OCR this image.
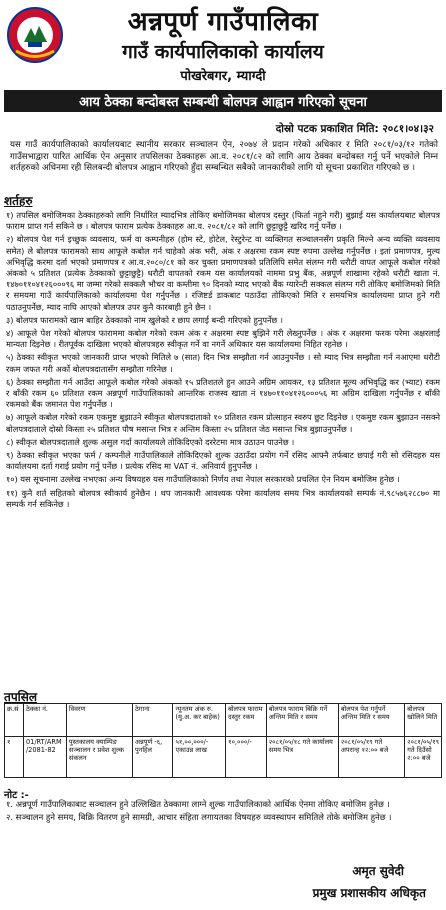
अन्नपूर्ण गाउँपालिका
गाउँ कार्यपालिकाको कार्यालय
पोखरेबगर, म्याग्दी
आय ठेक्का बन्दोबस्त सम्बन्धी बोलपत्र आह्वान गरिएको सूचना
दोस्रो पटक प्रकाशित मिति: २०८१।०४।३२
यस गाउँ कार्यपालिकाको कार्यालयबाट स्थानीय सरकार सञ्चालन ऐन, २०७४ ले प्रदान गरेको अधिकार र मिति २०८१/०३/१२ गतेको गाउँसभाद्वारा पारित आर्थिक ऐन अनुसार तपसिलका ठेक्काहरू आ.व. २०८१/८२ को लागि आय ठेक्का बन्दोबस्त गर्नु पर्ने भएकोले निम्न शर्तहरुको अधिनमा रही सिलबन्दी बोलपत्र आह्वान गरिएको हुँदा सम्बन्धित सबैको जानकारीको लागि यो सूचना प्रकाशित गरिएको छ ।
शर्तहरु

१) तपसिल बमोजिमका ठेक्काहरुको लागि निर्धारित म्यादभित्र तोकिए बमोजिमका बोलपत्र दस्तुर (फिर्ता नहुने गरी) बुझाई यस कार्यालयबाट बोलपत्र फाराम प्राप्त गर्न सकिने छ । बोलपत्र फाराम प्रत्येक ठेक्काहरु आ.व. २०८१/८२ को लागि छुट्टाछुट्टै खरिद गर्नु पर्नेछ ।

२) बोलपत्र पेश गर्न इच्छुक व्यवसाय, फर्म वा कम्पनीहरु (होम स्टे, होटेल, रेस्टुरेन्ट वा व्यक्तिगत सञ्चालनसँग प्रकृति मिल्ने अन्य व्यक्ति व्यवसाय समेत) ले बोलपत्र फारामको साथ आफूले कबोल गर्न चाहेको अंक भरी, अंक र अक्षरमा रकम स्पष्ट रुपमा उल्लेख गर्नुपर्नेछ । इतां प्रमाणपत्र, मुल्य अभिवृद्धि करमा दर्ता भएको प्रमाणपत्र र आ.व.२०८०/८१ को कर चुक्ता प्रमाणपत्रको प्रतिलिपि समेत संलग्न गरी धरौटी वापत आफूले कबोल गरेको अंकको ५ प्रतिशत (प्रत्येक ठेक्काको छुट्टाछुट्टै) धरौटी वापतको रकम यस कार्यालयको नाममा प्रभु बैंक, अन्नपूर्ण शाखामा रहेको धरौटी खाता नं. १४७०११०४१२६०००९६ मा जम्मा गरेको सक्कलै भौचर वा कम्तीमा ९० दिनको म्याद भएको बैंक ग्यारेन्टी सक्कल संलग्न गरी तोकिए बमोजिमको मिति र समयमा गाउँ कार्यपालिकाको कार्यालयमा पेश गर्नुपर्नेछ । रजिष्टर्ड डाकबाट पठाउँदा तोकिएको मिति र समयभित्र कार्यालयमा प्राप्त हुने गरी पठाउनुपर्नेछ, म्याद नाघि आएको बोलपत्र उपर कुनै कारबाही हुने छैन ।

३) बोलपत्र फारामको खाम बाहिर ठेक्काको नाम खुलेको र छाप लगाई बन्दी गरिएको हुनुपर्नेछ ।

४) आफूले पेश गरेको बोलपत्र फाराममा कबोल गरेको रकम अंक र अक्षरमा स्पष्ट बुझिने गरी लेख्नुपर्नेछ । अंक र अक्षरमा फरक परेमा अक्षरलाई मान्यता दिइनेछ । रीतपूर्वक दाखिला भएको बोलपत्रहरु स्वीकृत गर्ने वा नगर्ने अधिकार यस कार्यालयमा निहित रहनेछ ।

५) ठेक्का स्वीकृत भएको जानकारी प्राप्त भएको मितिले ७ (सात) दिन भित्र सम्झौता गर्न आउनुपर्नेछ । सो म्याद भित्र सम्झौता गर्न नआएमा धरौटी रकम जफत गरी अर्को बोलपत्रदातासँग सम्झौता गरिनेछ ।

६) ठेक्का सम्झौता गर्न आउँदा आफूले कबोल गरेको अंकको १५ प्रतिशतले हुन आउने अग्रिम आयकर, १३ प्रतिशत मूल्य अभिवृद्धि कर (भ्याट) रकम र बाँकी रकम ६० प्रतिशत रकम अन्नपूर्ण गाउँपालिकाको आन्तरिक राजस्व खाता नं १४७०११०४१२६०००५६ मा अग्रिम दाखिला गर्नुपर्नेछ र बाँकी रकमको बैंक जमानत पेश गर्नुपर्नेछ ।

७) आफूले कबोल गरेको रकम एकमुष्ट बुझाउने स्वीकृत बोलपत्रदाताको १० प्रतिशत रकम प्रोत्साहन स्वरुप छुट दिइनेछ । एकमुष्ट रकम बुझाउन नसक्ने बोलपत्रदाताले दोस्रो किस्ता २५ प्रतिशत पौष मसान्त भित्र र अन्तिम किस्ता २५ प्रतिशत जेठ मसान्त भित्र बुझाउनुपर्नेछ ।

८) स्वीकृत बोलपत्रदाताले शुल्क असुल गर्दा कार्यालयले तोकिदिएको दररेटमा मात्र उठाउन पाउनेछ ।

९) ठेक्का स्वीकृत भएका फर्म / कम्पनीले गाउँपालिकाले तोकिदिएको शुल्क उठाउँदा प्रयोग गर्ने रसिद आफ्नै तर्फबाट छपाई गरी सो रसिदहरु यस कार्यालयमा दर्ता गराई प्रयोग गर्नु पर्नेछ । प्रत्येक रसिद मा VAT नं. अनिवार्य हुनुपर्नेछ ।

१०) यस सूचनामा उल्लेख नभएका अन्य विषयहरु यस गाउँपालिकाको निर्णय तथा नेपाल सरकारको प्रचलित ऐन नियम बमोजिम हुनेछ ।

११) कुनै शर्त सहितको बोलपत्र स्वीकार्य हुनेछैन । थप जानकारी आवश्यक परेमा कार्यालय समय भित्र कार्यालयको सम्पर्क नं.९८५७६२८८७० मा सम्पर्क गर्न सकिनेछ ।

तपसिल
क्र.सं	ठेक्का नं.	विवरण	ठेगाना	न्यूनतम अंक रु. (मु.अ. कर बाहेक)	बोलपत्र फाराम दस्तुर रकम	बोलपत्र फाराम बिक्रि गर्ने अन्तिम मिति र समय	बोलपत्र पेश गर्नुपर्ने अन्तिम मिति र समय	बोलपत्र खोलिने मिति
१	01/RT/ARM /2081-82	पुस्तकालय क्याम्पिङ सञ्चालन र प्रवेश शुल्क संकलन	अन्नपूर्ण -६, पुनहिल	५१,००,०००/- एकाउन्न लाख	१०,०००/-	२०८१/०५/१८ गते कार्यालय समय भित्र	२०८१/०५/१९ गते अपरान्ह १२:०० बजे	२०८१/०५/१९ गते दिउँसो २:०० बजे
नोट :-

१. अन्नपूर्ण गाउँपालिकाबाट सञ्चालन हुने उल्लिखित ठेक्कामा लाग्ने शुल्क गाउँपालिकाको आर्थिक ऐनमा तोकिए बमोजिम हुनेछ ।

२. सञ्चालन हुने समय, बिक्रि वितरण हुने सामग्री, आचार संहिता लगायतका विषयहरु व्यवस्थापन समितिले तोके बमोजिम हुनेछ ।

अमृत सुवेदी
प्रमुख प्रशासकीय अधिकृत
